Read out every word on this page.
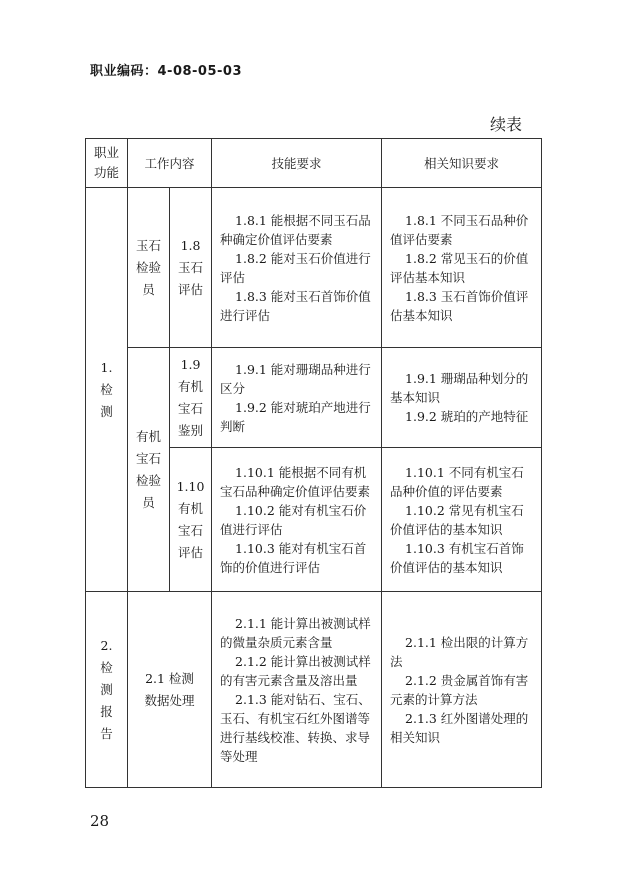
职业编码：4-08-05-03
续表
职业
功能	工作内容		技能要求	相关知识要求
1.
检
测	玉石
检验
员	1.8
玉石
评估	1.8.1 能根据不同玉石品种确定价值评估要素
1.8.2 能对玉石价值进行评估
1.8.3 能对玉石首饰价值进行评估	1.8.1 不同玉石品种价值评估要素
1.8.2 常见玉石的价值评估基本知识
1.8.3 玉石首饰价值评估基本知识

	有机
宝石
检验
员	1.9
有机
宝石
鉴别	1.9.1 能对珊瑚品种进行区分
1.9.2 能对琥珀产地进行判断	1.9.1 珊瑚品种划分的基本知识
1.9.2 琥珀的产地特征

		1.10
有机
宝石
评估	1.10.1 能根据不同有机宝石品种确定价值评估要素
1.10.2 能对有机宝石价值进行评估
1.10.3 能对有机宝石首饰的价值进行评估	1.10.1 不同有机宝石品种价值的评估要素
1.10.2 常见有机宝石价值评估的基本知识
1.10.3 有机宝石首饰价值评估的基本知识

2.
检
测
报
告	2.1 检测
数据处理		2.1.1 能计算出被测试样的微量杂质元素含量
2.1.2 能计算出被测试样的有害元素含量及溶出量
2.1.3 能对钻石、宝石、玉石、有机宝石红外图谱等进行基线校准、转换、求导等处理	2.1.1 检出限的计算方法
2.1.2 贵金属首饰有害元素的计算方法
2.1.3 红外图谱处理的相关知识
28
